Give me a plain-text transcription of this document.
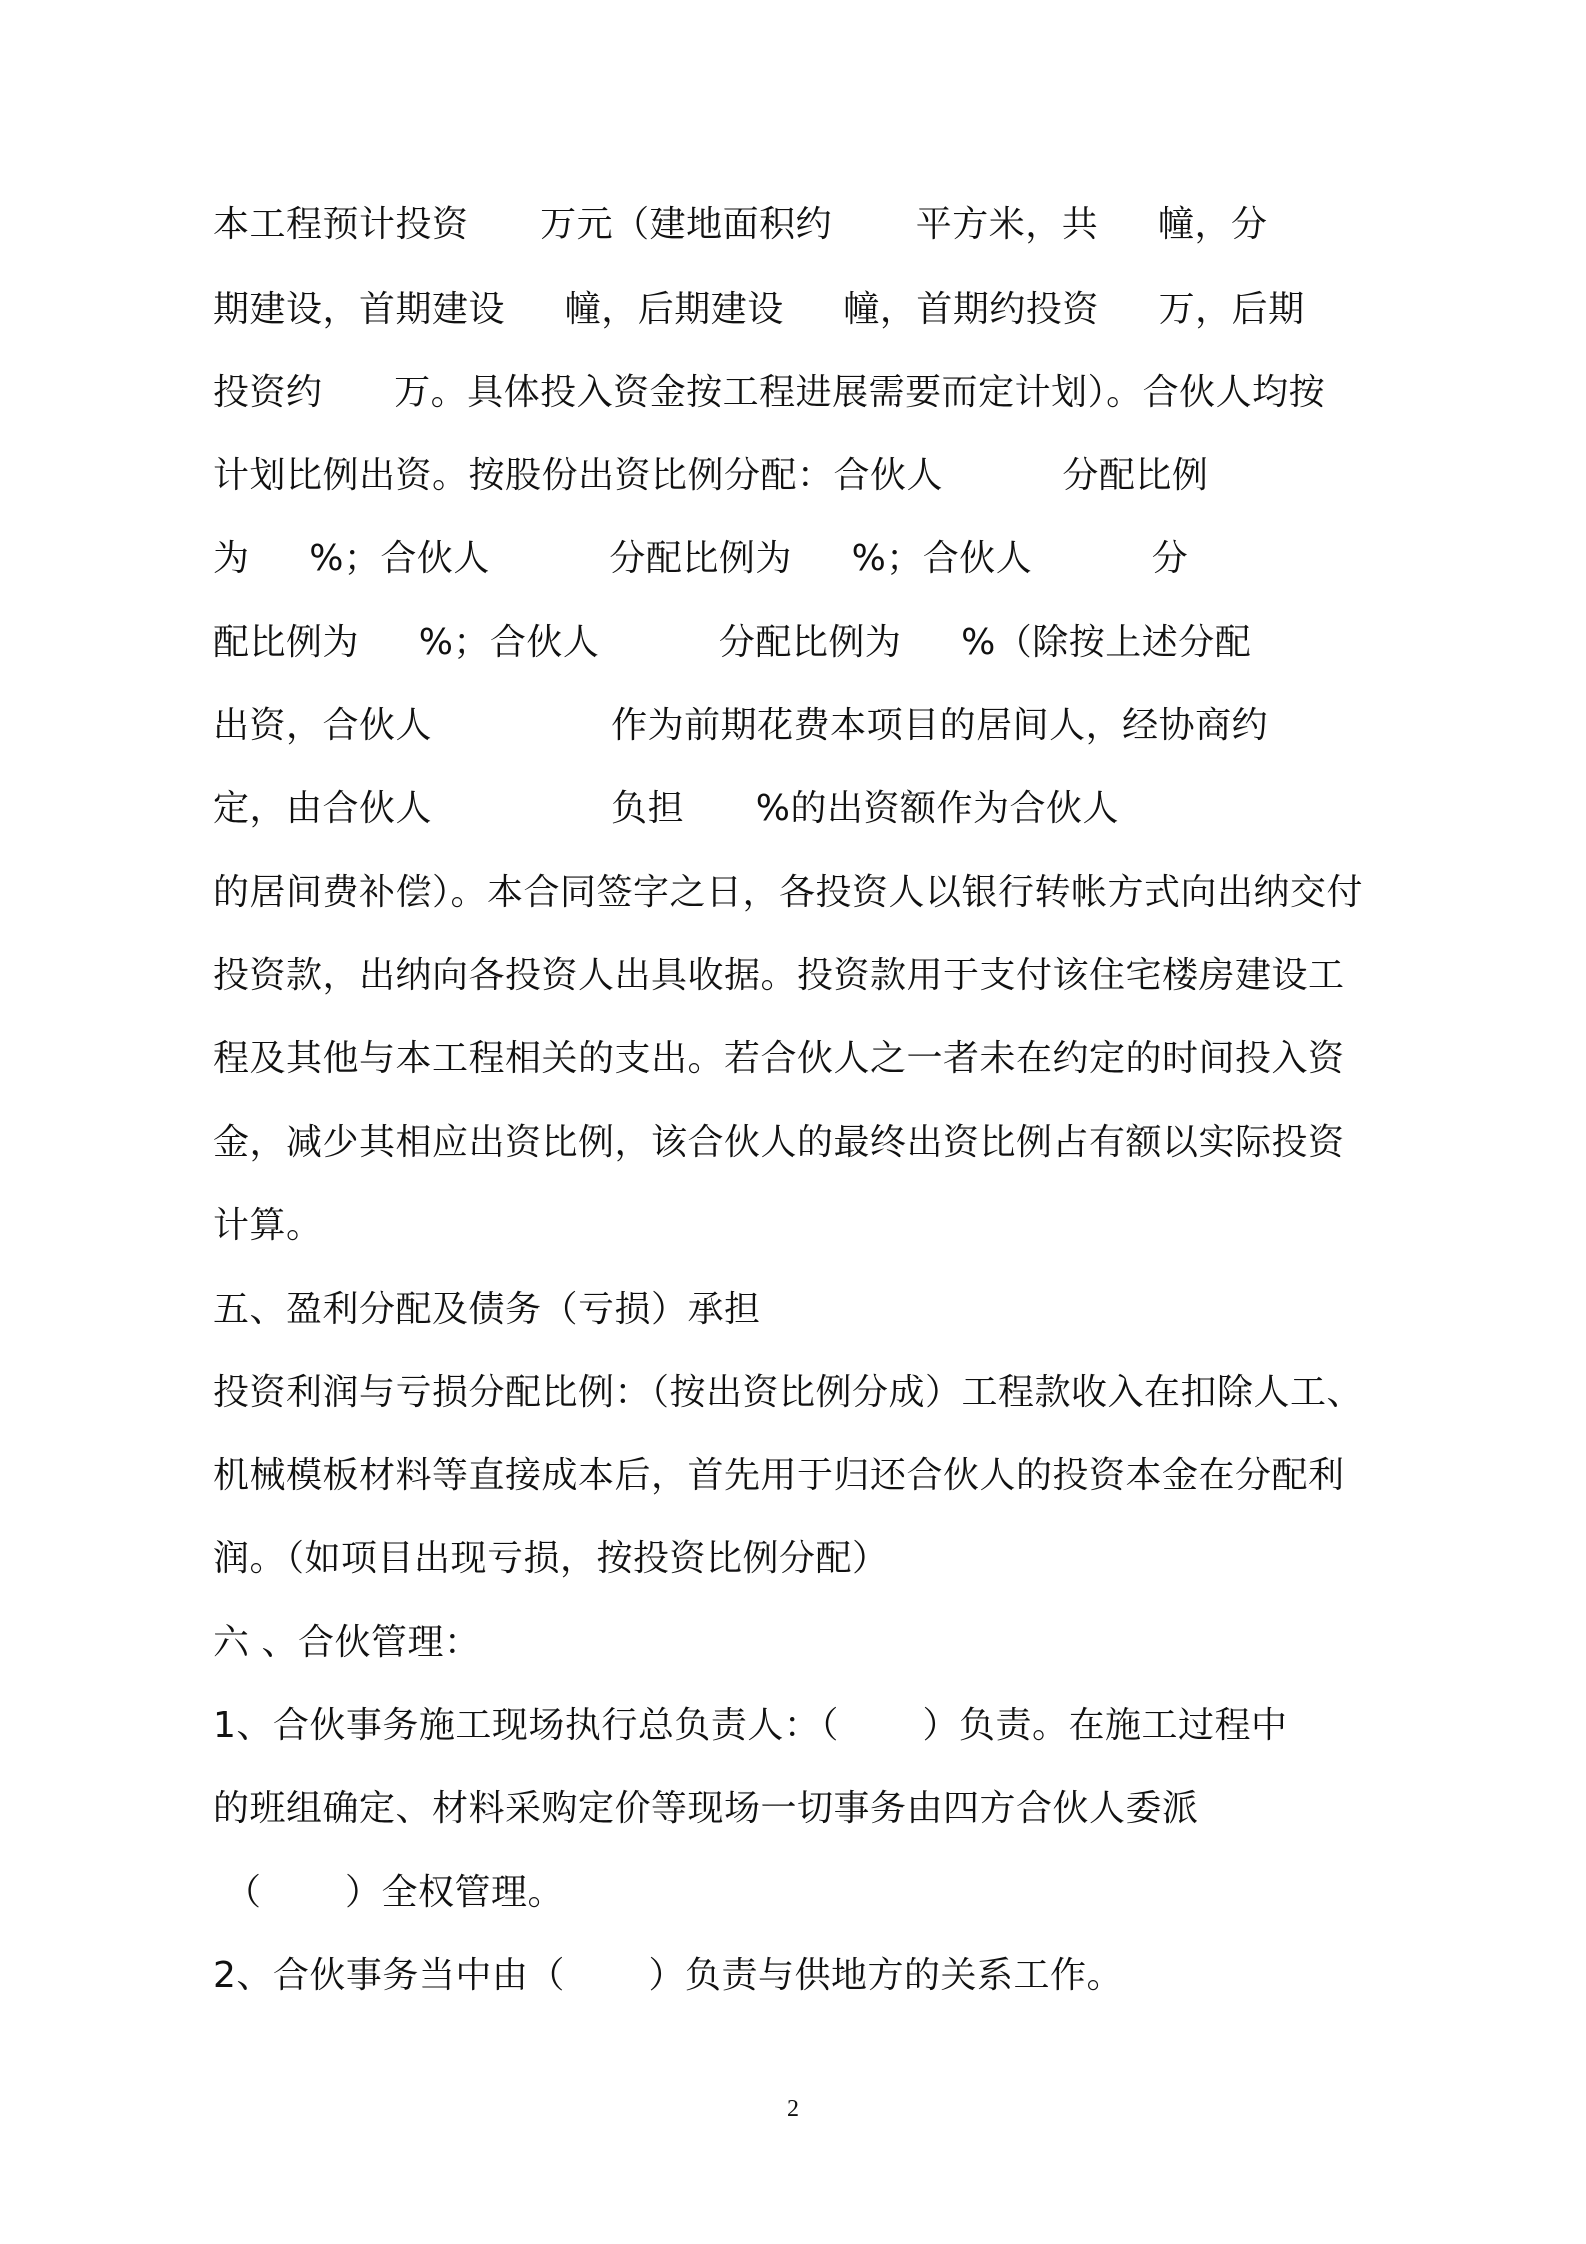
本工程预计投资      万元（建地面积约       平方米，共     幢，分
期建设，首期建设     幢，后期建设     幢，首期约投资     万，后期
投资约      万。具体投入资金按工程进展需要而定计划）。合伙人均按
计划比例出资。按股份出资比例分配：合伙人          分配比例
为     %；合伙人          分配比例为     %；合伙人          分
配比例为     %；合伙人          分配比例为     %（除按上述分配
出资，合伙人               作为前期花费本项目的居间人，经协商约
定，由合伙人               负担      %的出资额作为合伙人
的居间费补偿）。本合同签字之日，各投资人以银行转帐方式向出纳交付
投资款，出纳向各投资人出具收据。投资款用于支付该住宅楼房建设工
程及其他与本工程相关的支出。若合伙人之一者未在约定的时间投入资
金，减少其相应出资比例，该合伙人的最终出资比例占有额以实际投资
计算。
五、盈利分配及债务（亏损）承担
投资利润与亏损分配比例：（按出资比例分成）工程款收入在扣除人工、
机械模板材料等直接成本后，首先用于归还合伙人的投资本金在分配利
润。（如项目出现亏损，按投资比例分配）
六 、合伙管理：
1、合伙事务施工现场执行总负责人：（       ）负责。在施工过程中
的班组确定、材料采购定价等现场一切事务由四方合伙人委派
（       ）全权管理。
2、合伙事务当中由（       ）负责与供地方的关系工作。
2
